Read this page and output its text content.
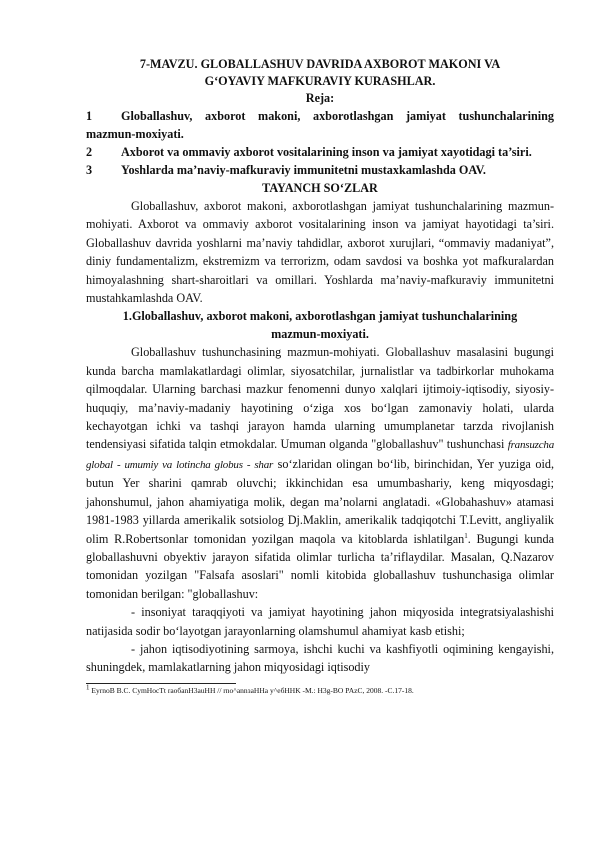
7-MAVZU. GLOBALLASHUV DAVRIDA AXBOROT MAKONI VA
G‘OYAVIY MAFKURAVIY KURASHLAR.
Reja:
1 Globallashuv, axborot makoni, axborotlashgan jamiyat tushunchalarining mazmun-moxiyati.
2 Axborot va ommaviy axborot vositalarining inson va jamiyat xayotidagi ta’siri.
3 Yoshlarda ma’naviy-mafkuraviy immunitetni mustaxkamlashda OAV.
TAYANCH SO‘ZLAR

Globallashuv, axborot makoni, axborotlashgan jamiyat tushunchalarining mazmun- mohiyati. Axborot va ommaviy axborot vositalarining inson va jamiyat hayotidagi ta’siri. Globallashuv davrida yoshlarni ma’naviy tahdidlar, axborot xurujlari, “ommaviy madaniyat”, diniy fundamentalizm, ekstremizm va terrorizm, odam savdosi va boshka yot mafkuralardan himoyalashning shart-sharoitlari va omillari. Yoshlarda ma’naviy-mafkuraviy immunitetni mustahkamlashda OAV.

1.Globallashuv, axborot makoni, axborotlashgan jamiyat tushunchalarining
mazmun-moxiyati.

Globallashuv tushunchasining mazmun-mohiyati. Globallashuv masalasini bugungi kunda barcha mamlakatlardagi olimlar, siyosatchilar, jurnalistlar va tadbirkorlar muhokama qilmoqdalar. Ularning barchasi mazkur fenomenni dunyo xalqlari ijtimoiy-iqtisodiy, siyosiy- huquqiy, ma’naviy-madaniy hayotining o‘ziga xos bo‘lgan zamonaviy holati, ularda kechayotgan ichki va tashqi jarayon hamda ularning umumplanetar tarzda rivojlanish tendensiyasi sifatida talqin etmokdalar. Umuman olganda "globallashuv" tushunchasi fransuzcha global - umumiy va lotincha globus - shar so‘zlaridan olingan bo‘lib, birinchidan, Yer yuziga oid, butun Yer sharini qamrab oluvchi; ikkinchidan esa umumbashariy, keng miqyosdagi; jahonshumul, jahon ahamiyatiga molik, degan ma’nolarni anglatadi. «Globahashuv» atamasi 1981-1983 yillarda amerikalik sotsiolog Dj.Maklin, amerikalik tadqiqotchi T.Levitt, angliyalik olim R.Robertsonlar tomonidan yozilgan maqola va kitoblarda ishlatilgan$^1$. Bugungi kunda globallashuvni obyektiv jarayon sifatida olimlar turlicha ta’riflaydilar. Masalan, Q.Nazarov tomonidan yozilgan "Falsafa asoslari" nomli kitobida globallashuv tushunchasiga olimlar tomonidan berilgan: "globallashuv:

- insoniyat taraqqiyoti va jamiyat hayotining jahon miqyosida integratsiyalashishi natijasida sodir bo‘layotgan jarayonlarning olamshumul ahamiyat kasb etishi;

- jahon iqtisodiyotining sarmoya, ishchi kuchi va kashfiyotli oqimining kengayishi, shuningdek, mamlakatlarning jahon miqyosidagi iqtisodiy

$^1$ EyrnoB B.C. CymHocTt raoбanH3auHH // rno^annзaHHa y^eбHHK -M.: H3g-BO PAzC, 2008. -C.17-18.
